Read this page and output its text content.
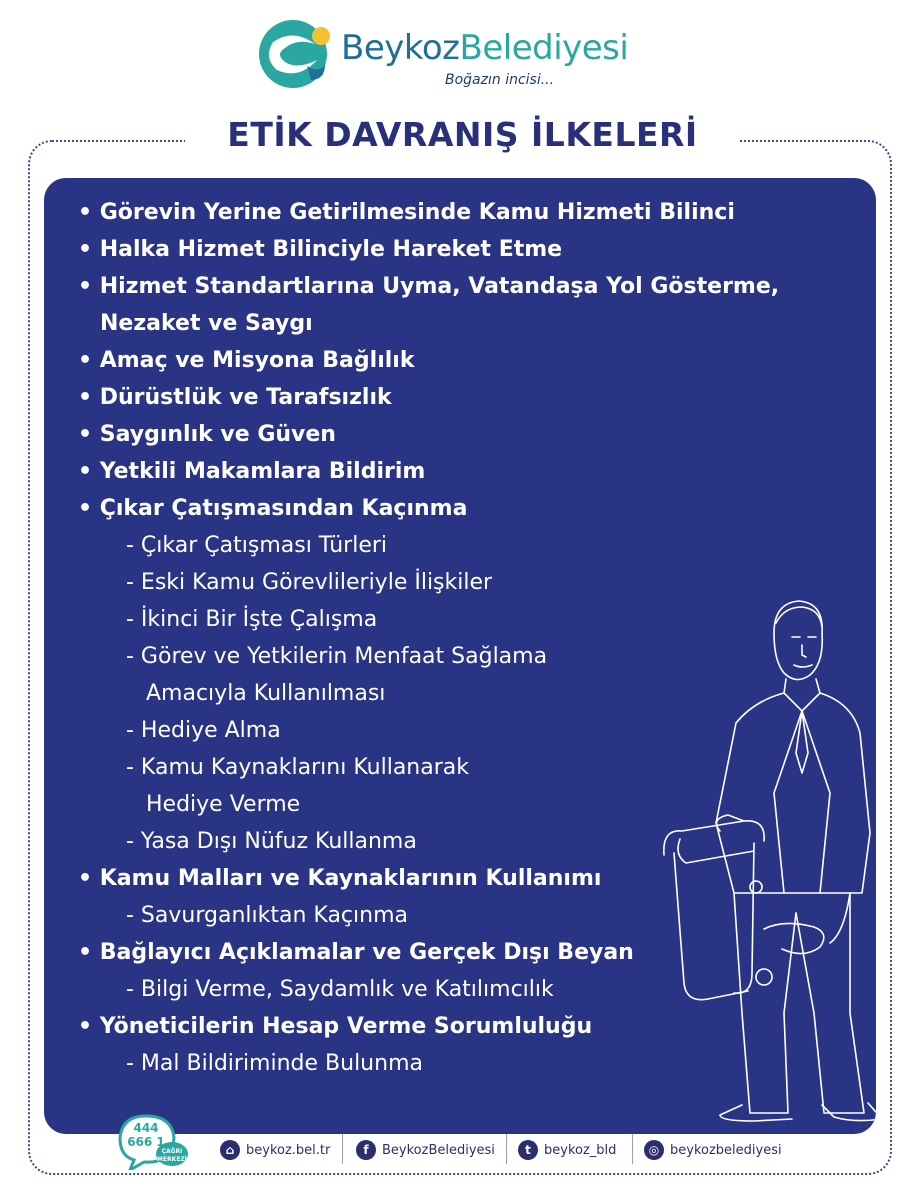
BeykozBelediyesi
Boğazın incisi...
ETİK DAVRANIŞ İLKELERİ
• Görevin Yerine Getirilmesinde Kamu Hizmeti Bilinci
• Halka Hizmet Bilinciyle Hareket Etme
• Hizmet Standartlarına Uyma, Vatandaşa Yol Gösterme,
Nezaket ve Saygı
• Amaç ve Misyona Bağlılık
• Dürüstlük ve Tarafsızlık
• Saygınlık ve Güven
• Yetkili Makamlara Bildirim
• Çıkar Çatışmasından Kaçınma
- Çıkar Çatışması Türleri
- Eski Kamu Görevlileriyle İlişkiler
- İkinci Bir İşte Çalışma
- Görev ve Yetkilerin Menfaat Sağlama
Amacıyla Kullanılması
- Hediye Alma
- Kamu Kaynaklarını Kullanarak
Hediye Verme
- Yasa Dışı Nüfuz Kullanma
• Kamu Malları ve Kaynaklarının Kullanımı
- Savurganlıktan Kaçınma
• Bağlayıcı Açıklamalar ve Gerçek Dışı Beyan
- Bilgi Verme, Saydamlık ve Katılımcılık
• Yöneticilerin Hesap Verme Sorumluluğu
- Mal Bildiriminde Bulunma
444
666 1
ÇAĞRI
MERKEZİ
⌂ beykoz.bel.tr	f	BeykozBelediyesi	t	beykoz_bld	◎ beykozbelediyesi
